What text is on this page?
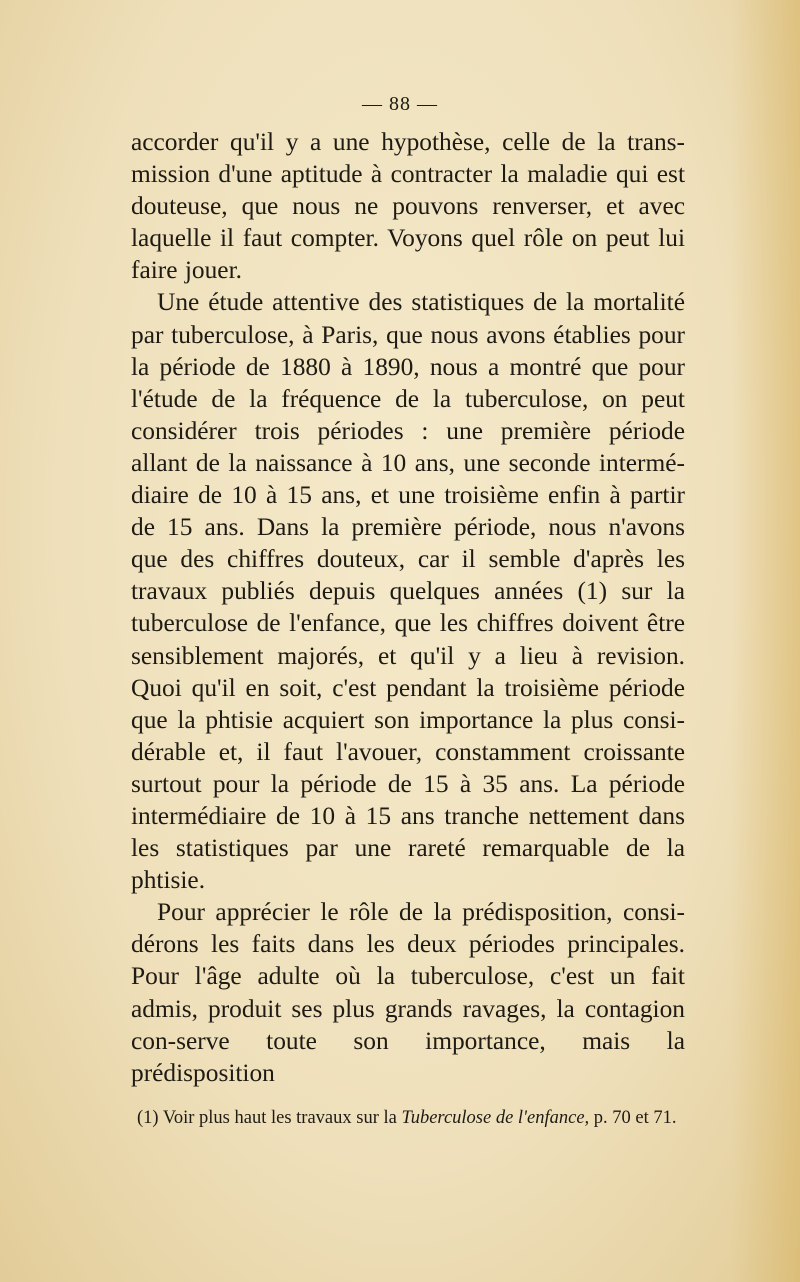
— 88 —

accorder qu'il y a une hypothèse, celle de la trans-mission d'une aptitude à contracter la maladie qui est douteuse, que nous ne pouvons renverser, et avec laquelle il faut compter. Voyons quel rôle on peut lui faire jouer.

Une étude attentive des statistiques de la mortalité par tuberculose, à Paris, que nous avons établies pour la période de 1880 à 1890, nous a montré que pour l'étude de la fréquence de la tuberculose, on peut considérer trois périodes : une première période allant de la naissance à 10 ans, une seconde intermé-diaire de 10 à 15 ans, et une troisième enfin à partir de 15 ans. Dans la première période, nous n'avons que des chiffres douteux, car il semble d'après les travaux publiés depuis quelques années (1) sur la tuberculose de l'enfance, que les chiffres doivent être sensiblement majorés, et qu'il y a lieu à revision. Quoi qu'il en soit, c'est pendant la troisième période que la phtisie acquiert son importance la plus consi-dérable et, il faut l'avouer, constamment croissante surtout pour la période de 15 à 35 ans. La période intermédiaire de 10 à 15 ans tranche nettement dans les statistiques par une rareté remarquable de la phtisie.

Pour apprécier le rôle de la prédisposition, consi-dérons les faits dans les deux périodes principales. Pour l'âge adulte où la tuberculose, c'est un fait admis, produit ses plus grands ravages, la contagion con-serve toute son importance, mais la prédisposition

(1) Voir plus haut les travaux sur la Tuberculose de l'enfance, p. 70 et 71.
